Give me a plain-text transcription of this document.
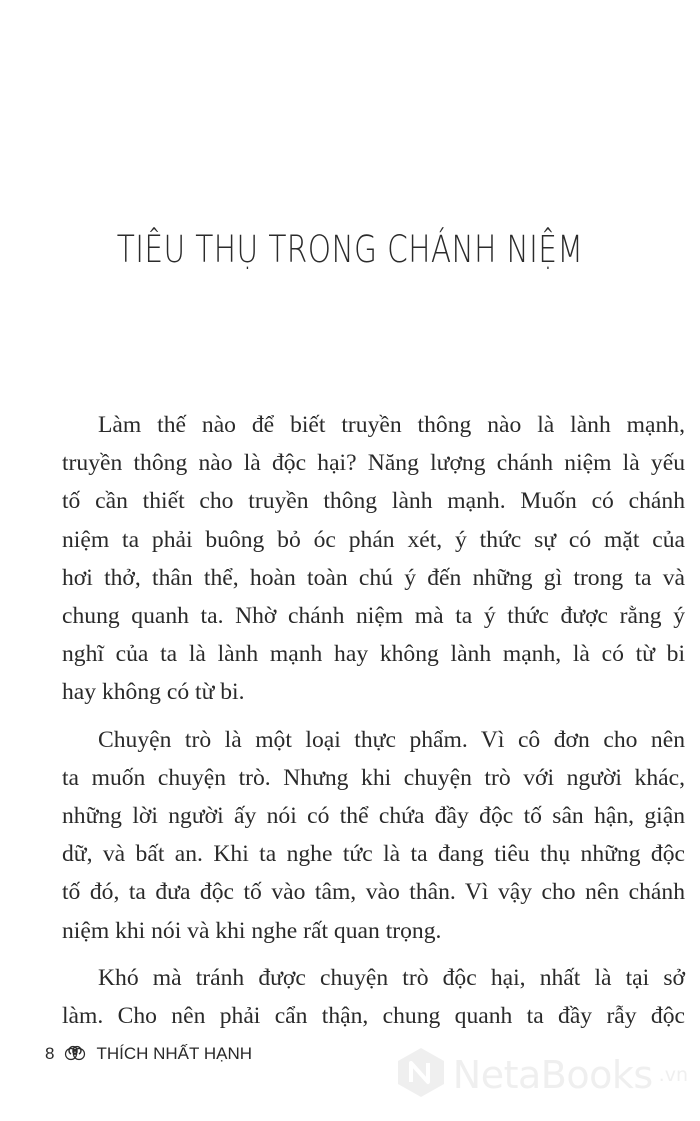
TIÊU THỤ TRONG CHÁNH NIỆM
Làm thế nào để biết truyền thông nào là lành mạnh,
truyền thông nào là độc hại? Năng lượng chánh niệm là yếu
tố cần thiết cho truyền thông lành mạnh. Muốn có chánh
niệm ta phải buông bỏ óc phán xét, ý thức sự có mặt của
hơi thở, thân thể, hoàn toàn chú ý đến những gì trong ta và
chung quanh ta. Nhờ chánh niệm mà ta ý thức được rằng ý
nghĩ của ta là lành mạnh hay không lành mạnh, là có từ bi
hay không có từ bi.
Chuyện trò là một loại thực phẩm. Vì cô đơn cho nên
ta muốn chuyện trò. Nhưng khi chuyện trò với người khác,
những lời người ấy nói có thể chứa đầy độc tố sân hận, giận
dữ, và bất an. Khi ta nghe tức là ta đang tiêu thụ những độc
tố đó, ta đưa độc tố vào tâm, vào thân. Vì vậy cho nên chánh
niệm khi nói và khi nghe rất quan trọng.
Khó mà tránh được chuyện trò độc hại, nhất là tại sở
làm. Cho nên phải cẩn thận, chung quanh ta đầy rẫy độc
8 THÍCH NHẤT HẠNH	NetaBooks .vn
